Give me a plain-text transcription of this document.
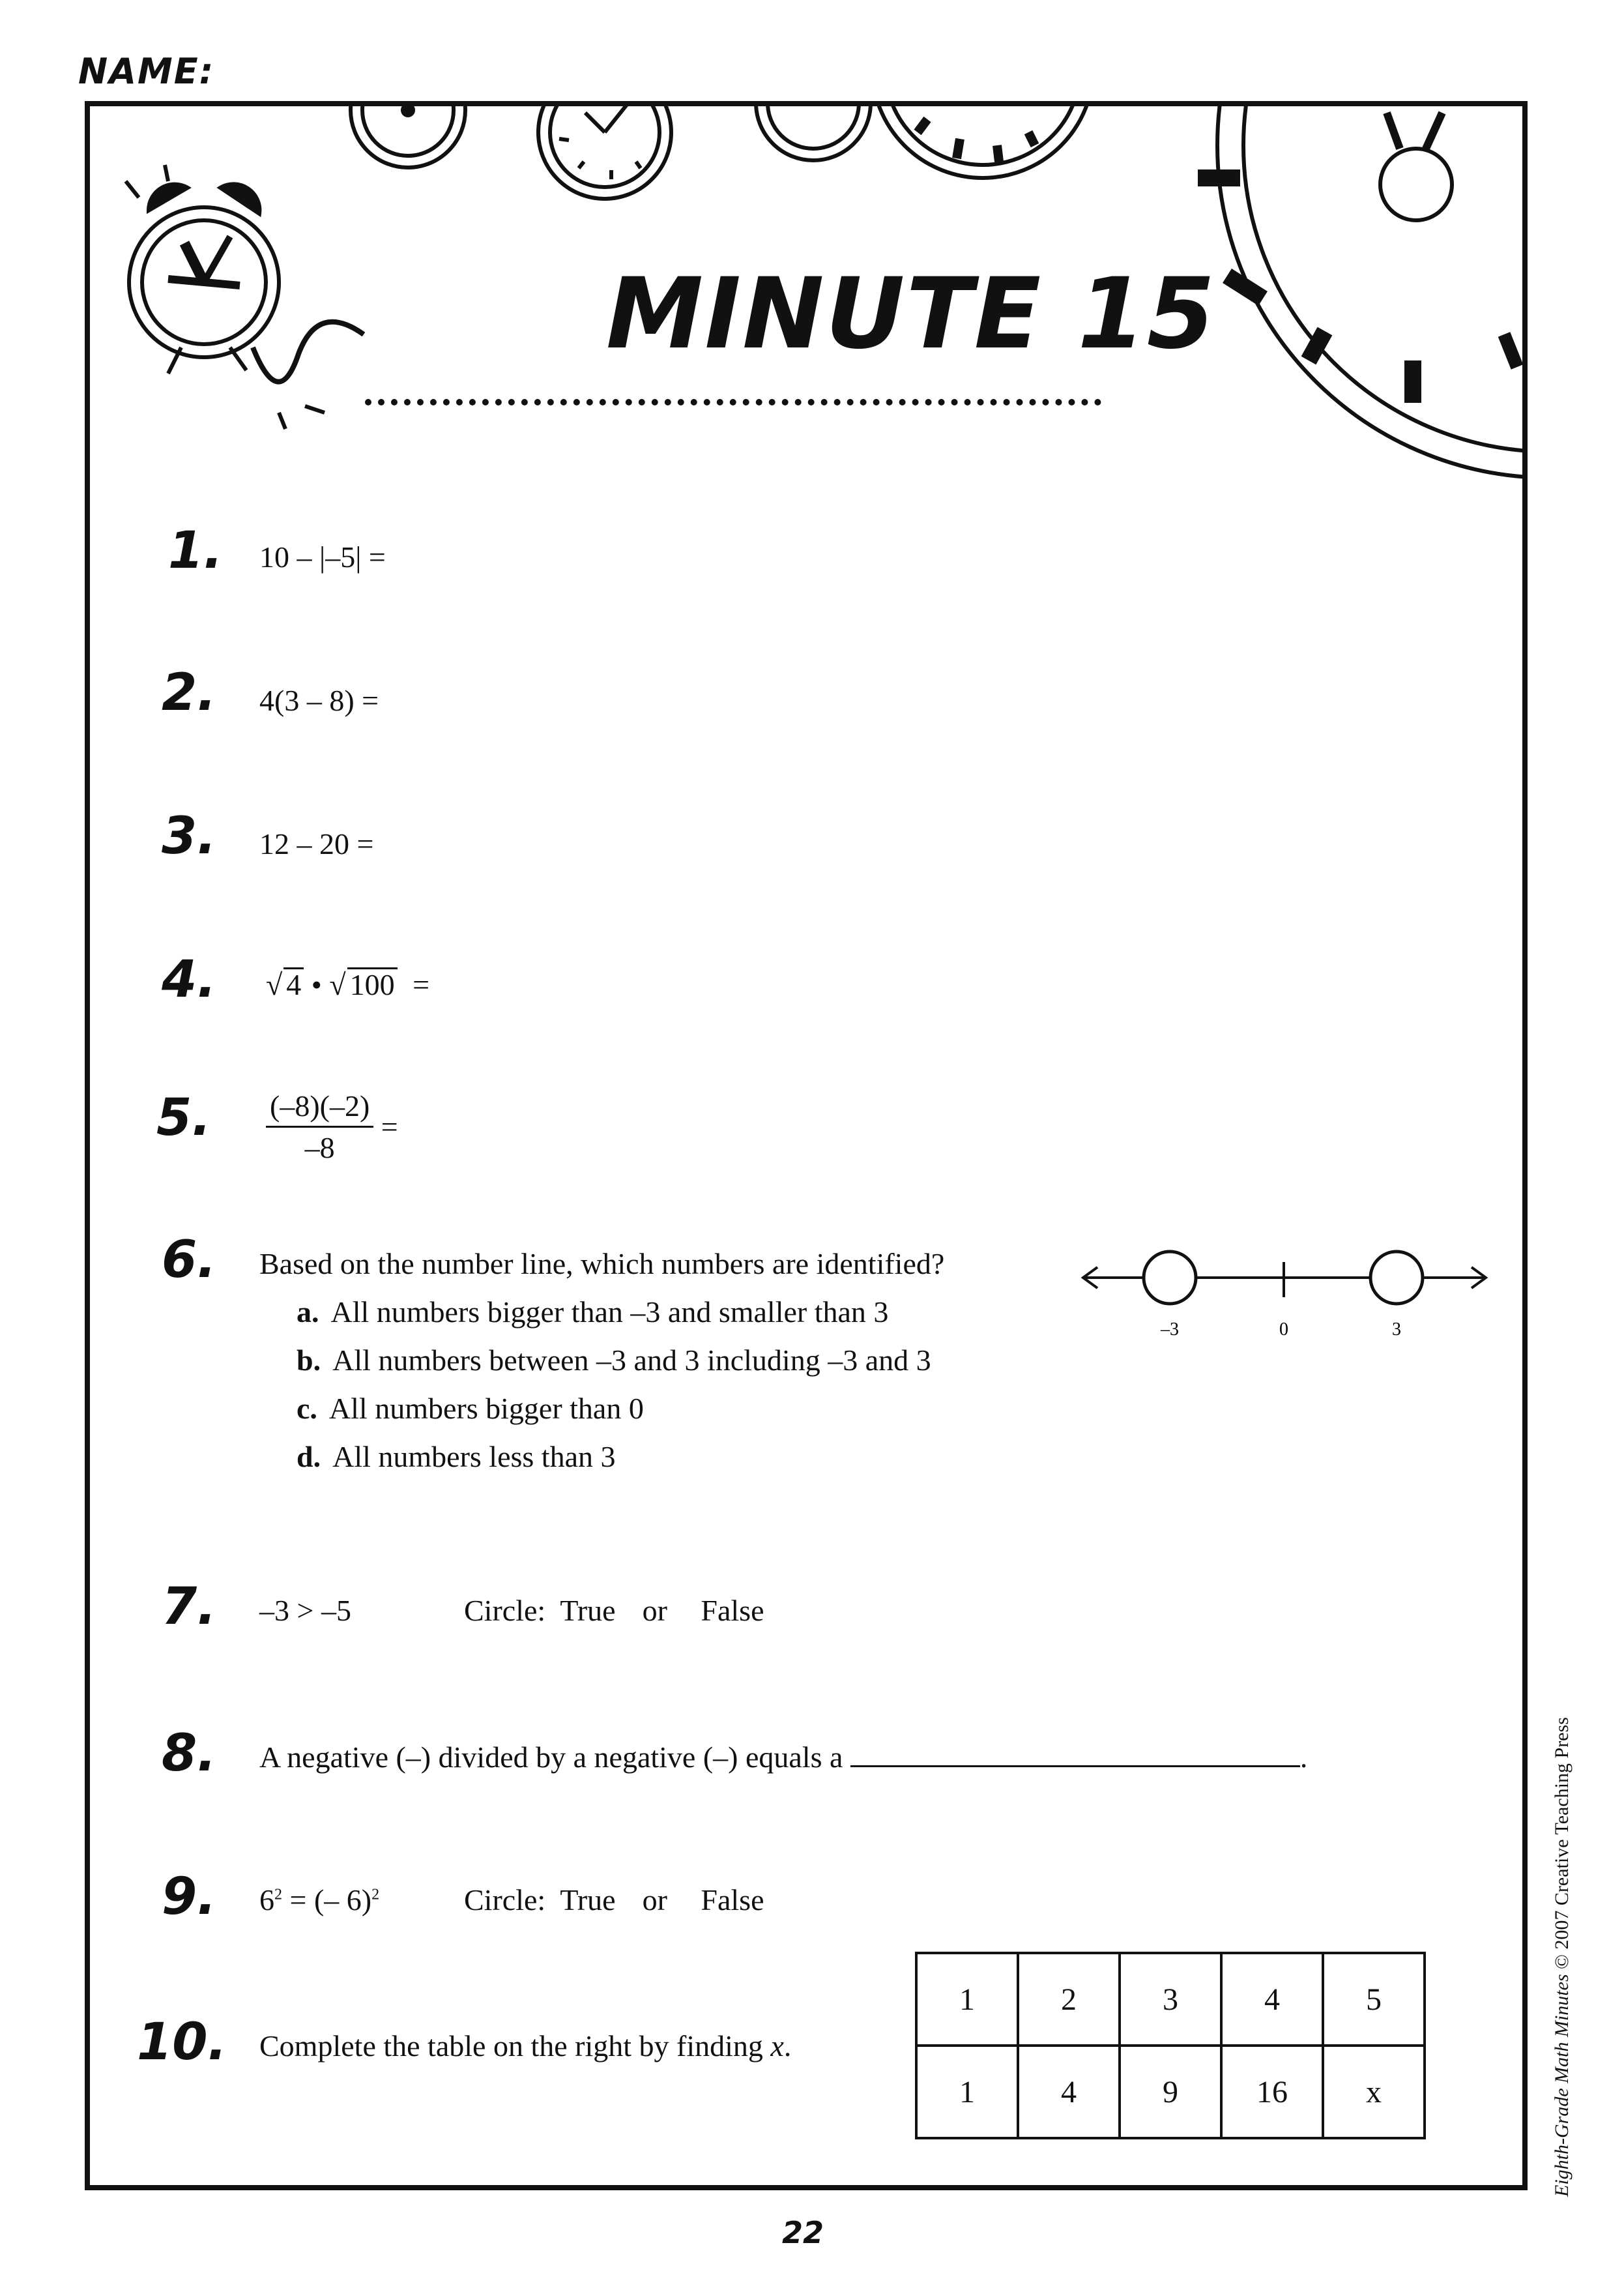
NAME:
MINUTE 15
1. 10 – |–5| =
2. 4(3 – 8) =
3. 12 – 20 =
4. √ 4 • √ 100 =
5. $\frac{(-8)(-2)}{-8}$ =
6. Based on the number line, which numbers are identified?
a. All numbers bigger than –3 and smaller than 3
b. All numbers between –3 and 3 including –3 and 3
c. All numbers bigger than 0
d. All numbers less than 3
–3	0	3
7. –3 > –5	Circle: True or False
8. A negative (–) divided by a negative (–) equals a	.
9. $6^2$ = (– 6)$^2$	Circle: True or False
10. Complete the table on the right by finding x.
1	2	3	4	5
1	4	9	16	x
22
Eighth-Grade Math Minutes © 2007 Creative Teaching Press
